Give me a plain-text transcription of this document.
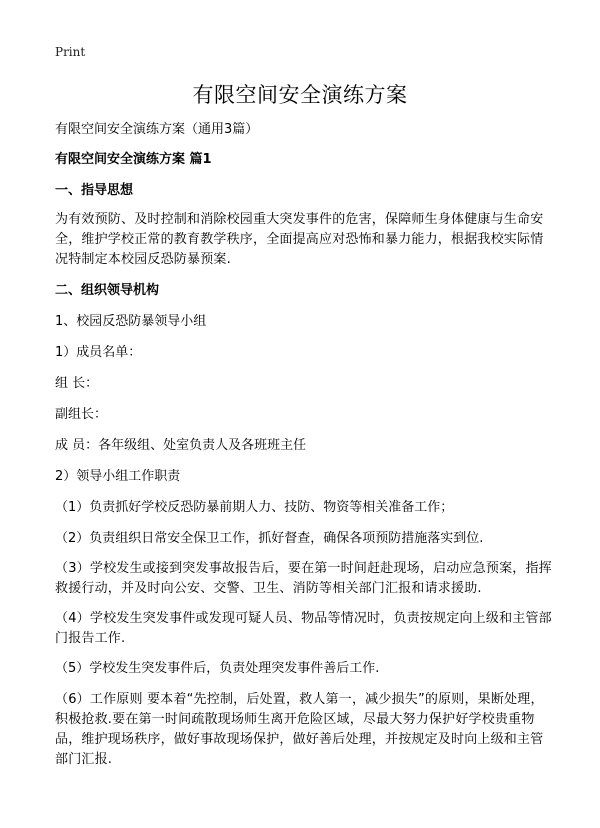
Print
有限空间安全演练方案
有限空间安全演练方案（通用3篇）
有限空间安全演练方案 篇1
一、指导思想
为有效预防、及时控制和消除校园重大突发事件的危害，保障师生身体健康与生命安全，维护学校正常的教育教学秩序，全面提高应对恐怖和暴力能力，根据我校实际情况特制定本校园反恐防暴预案.
二、组织领导机构
1、校园反恐防暴领导小组
1）成员名单：
组 长：
副组长：
成 员：各年级组、处室负责人及各班班主任
2）领导小组工作职责
（1）负责抓好学校反恐防暴前期人力、技防、物资等相关准备工作；
（2）负责组织日常安全保卫工作，抓好督查，确保各项预防措施落实到位.
（3）学校发生或接到突发事故报告后，要在第一时间赶赴现场，启动应急预案，指挥救援行动，并及时向公安、交警、卫生、消防等相关部门汇报和请求援助.
（4）学校发生突发事件或发现可疑人员、物品等情况时，负责按规定向上级和主管部门报告工作.
（5）学校发生突发事件后，负责处理突发事件善后工作.
（6）工作原则 要本着“先控制，后处置，救人第一，减少损失”的原则，果断处理，积极抢救.要在第一时间疏散现场师生离开危险区域，尽最大努力保护好学校贵重物品，维护现场秩序，做好事故现场保护，做好善后处理，并按规定及时向上级和主管部门汇报.
